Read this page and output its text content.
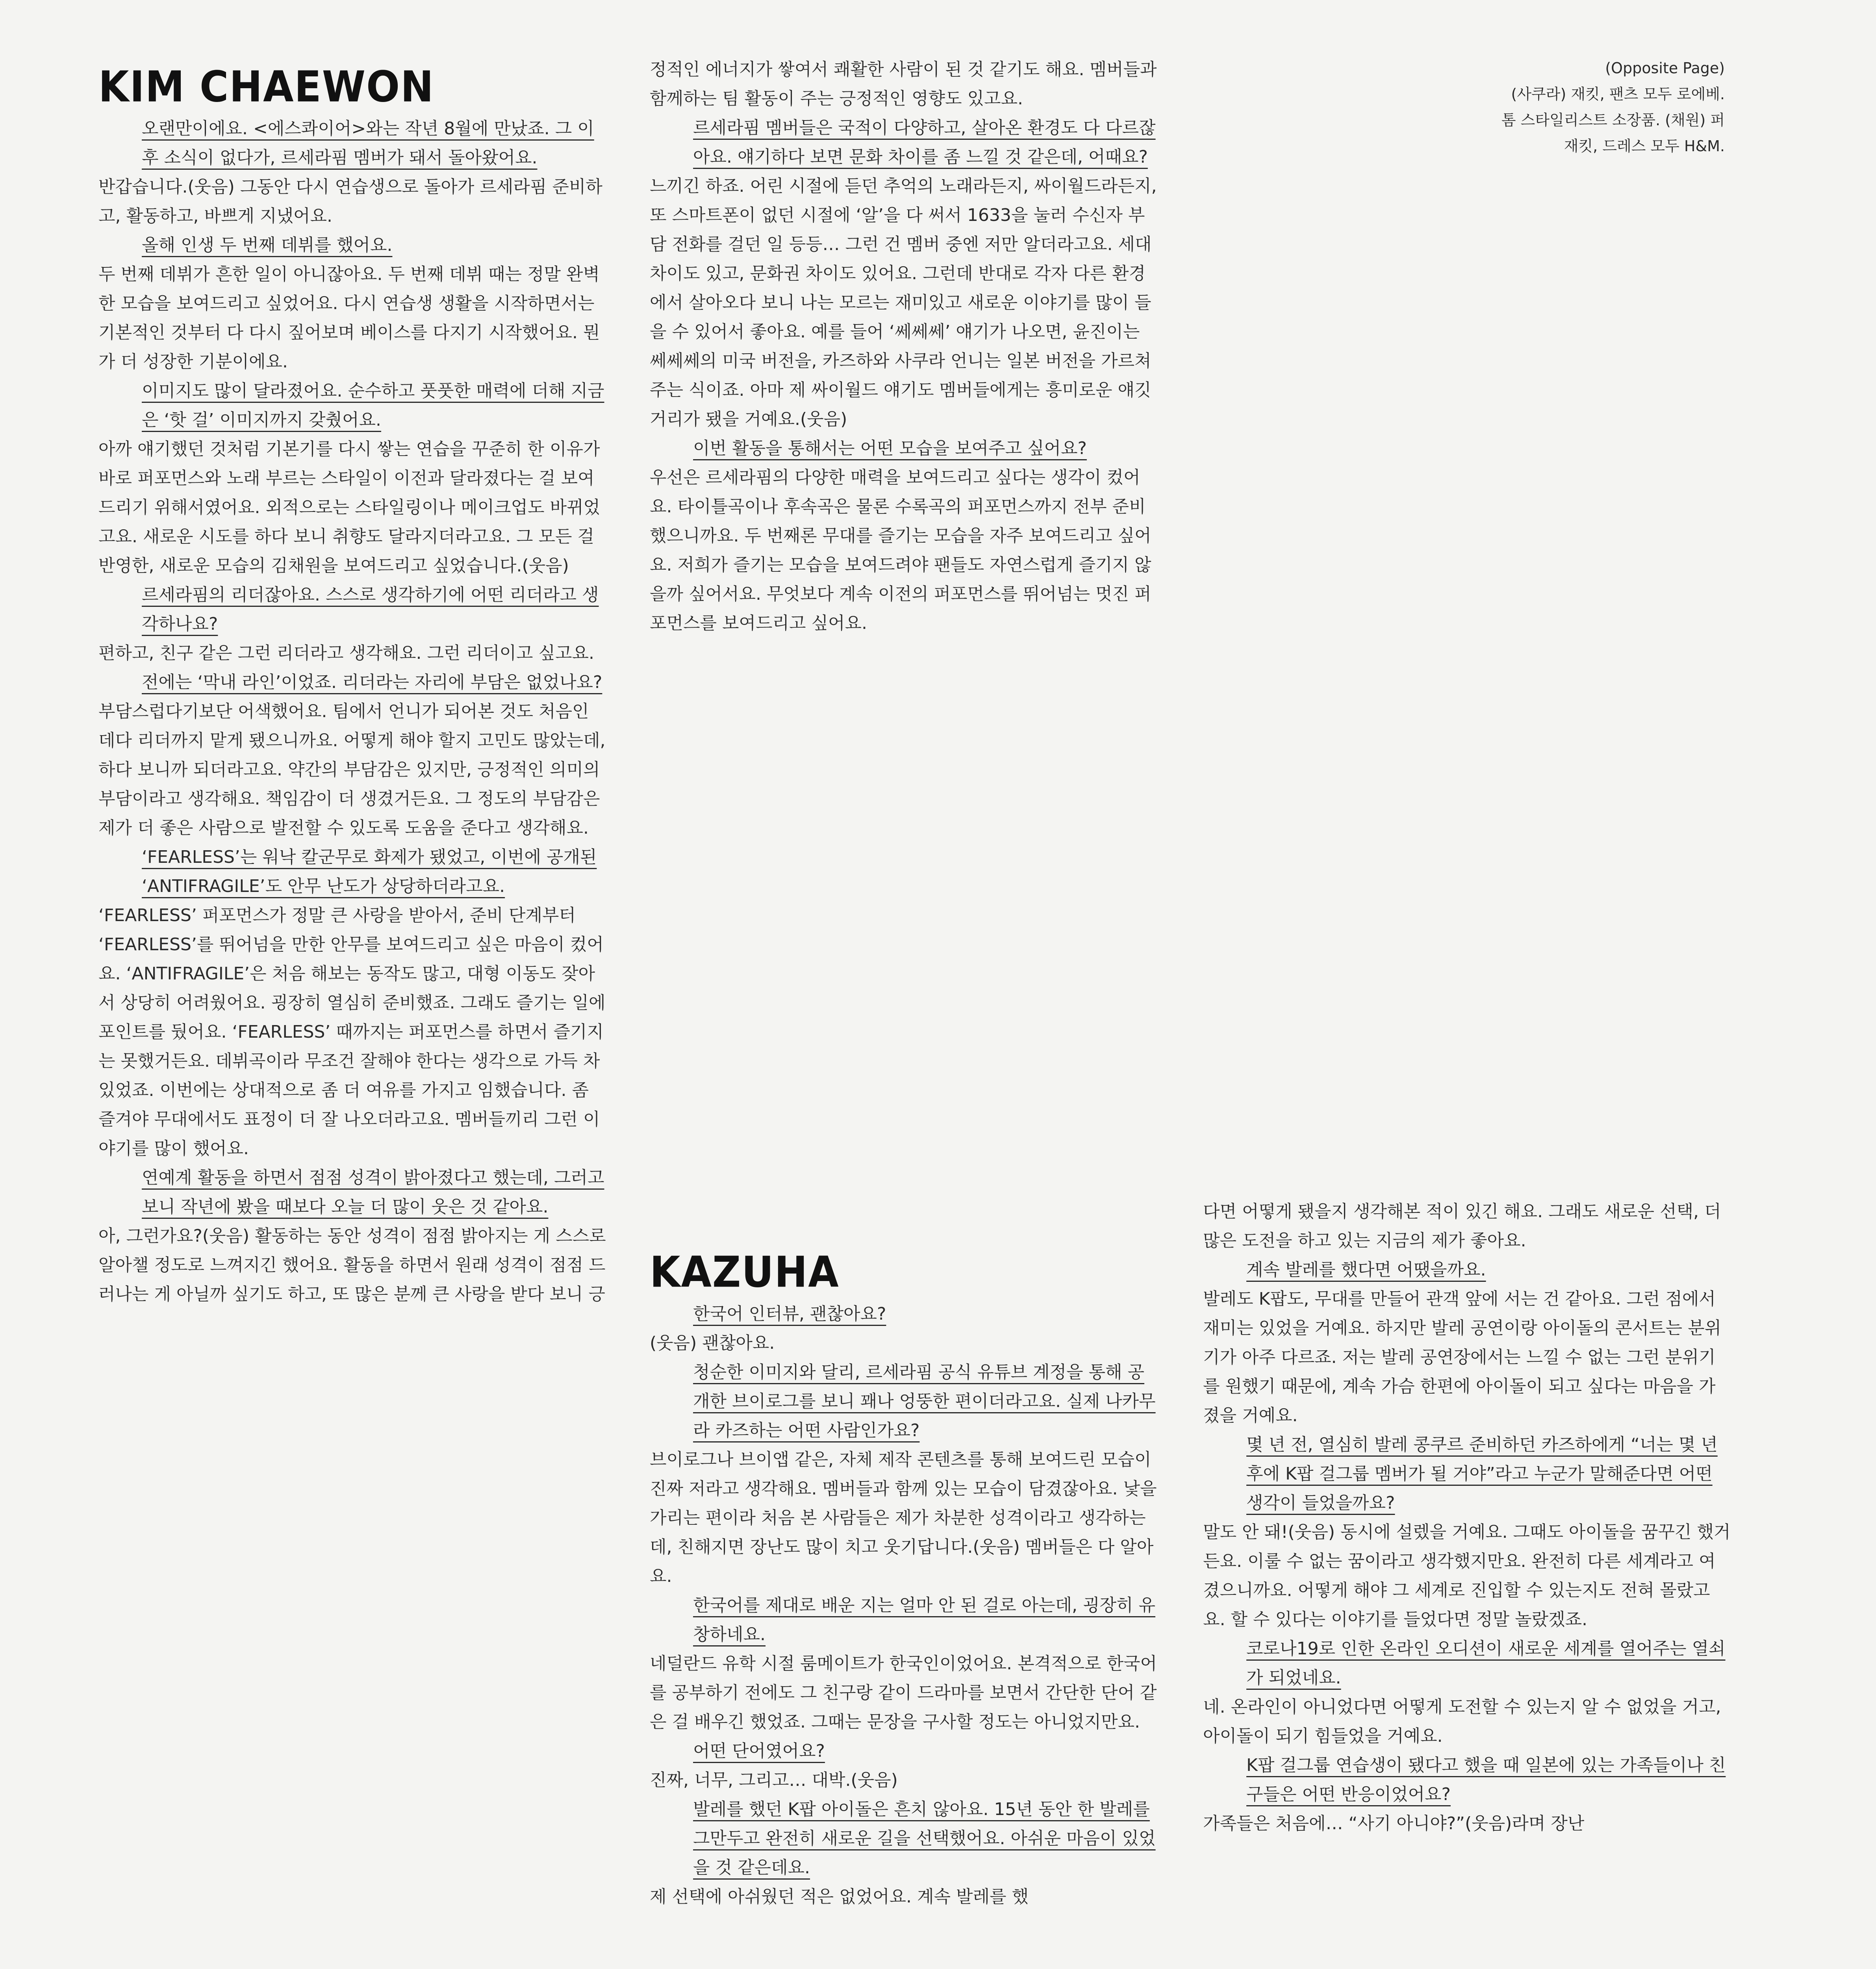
(Opposite Page)

(사쿠라) 재킷, 팬츠 모두 로에베.

톰 스타일리스트 소장품. (채원) 퍼

재킷, 드레스 모두 H&M.

KIM CHAEWON

오랜만이에요. <에스콰이어>와는 작년 8월에 만났죠. 그 이후 소식이 없다가, 르세라핌 멤버가 돼서 돌아왔어요.

반갑습니다.(웃음) 그동안 다시 연습생으로 돌아가 르세라핌 준비하고, 활동하고, 바쁘게 지냈어요.

올해 인생 두 번째 데뷔를 했어요.

두 번째 데뷔가 흔한 일이 아니잖아요. 두 번째 데뷔 때는 정말 완벽한 모습을 보여드리고 싶었어요. 다시 연습생 생활을 시작하면서는 기본적인 것부터 다 다시 짚어보며 베이스를 다지기 시작했어요. 뭔가 더 성장한 기분이에요.

이미지도 많이 달라졌어요. 순수하고 풋풋한 매력에 더해 지금은 ‘핫 걸’ 이미지까지 갖췄어요.

아까 얘기했던 것처럼 기본기를 다시 쌓는 연습을 꾸준히 한 이유가 바로 퍼포먼스와 노래 부르는 스타일이 이전과 달라졌다는 걸 보여드리기 위해서였어요. 외적으로는 스타일링이나 메이크업도 바뀌었고요. 새로운 시도를 하다 보니 취향도 달라지더라고요. 그 모든 걸 반영한, 새로운 모습의 김채원을 보여드리고 싶었습니다.(웃음)

르세라핌의 리더잖아요. 스스로 생각하기에 어떤 리더라고 생각하나요?

편하고, 친구 같은 그런 리더라고 생각해요. 그런 리더이고 싶고요.

전에는 ‘막내 라인’이었죠. 리더라는 자리에 부담은 없었나요?

부담스럽다기보단 어색했어요. 팀에서 언니가 되어본 것도 처음인 데다 리더까지 맡게 됐으니까요. 어떻게 해야 할지 고민도 많았는데, 하다 보니까 되더라고요. 약간의 부담감은 있지만, 긍정적인 의미의 부담이라고 생각해요. 책임감이 더 생겼거든요. 그 정도의 부담감은 제가 더 좋은 사람으로 발전할 수 있도록 도움을 준다고 생각해요.

‘FEARLESS’는 워낙 칼군무로 화제가 됐었고, 이번에 공개된 ‘ANTIFRAGILE’도 안무 난도가 상당하더라고요.

‘FEARLESS’ 퍼포먼스가 정말 큰 사랑을 받아서, 준비 단계부터 ‘FEARLESS’를 뛰어넘을 만한 안무를 보여드리고 싶은 마음이 컸어요. ‘ANTIFRAGILE’은 처음 해보는 동작도 많고, 대형 이동도 잦아서 상당히 어려웠어요. 굉장히 열심히 준비했죠. 그래도 즐기는 일에 포인트를 뒀어요. ‘FEARLESS’ 때까지는 퍼포먼스를 하면서 즐기지는 못했거든요. 데뷔곡이라 무조건 잘해야 한다는 생각으로 가득 차 있었죠. 이번에는 상대적으로 좀 더 여유를 가지고 임했습니다. 좀 즐겨야 무대에서도 표정이 더 잘 나오더라고요. 멤버들끼리 그런 이야기를 많이 했어요.

연예계 활동을 하면서 점점 성격이 밝아졌다고 했는데, 그러고 보니 작년에 봤을 때보다 오늘 더 많이 웃은 것 같아요.

아, 그런가요?(웃음) 활동하는 동안 성격이 점점 밝아지는 게 스스로 알아챌 정도로 느껴지긴 했어요. 활동을 하면서 원래 성격이 점점 드러나는 게 아닐까 싶기도 하고, 또 많은 분께 큰 사랑을 받다 보니 긍

정적인 에너지가 쌓여서 쾌활한 사람이 된 것 같기도 해요. 멤버들과 함께하는 팀 활동이 주는 긍정적인 영향도 있고요.

르세라핌 멤버들은 국적이 다양하고, 살아온 환경도 다 다르잖아요. 얘기하다 보면 문화 차이를 좀 느낄 것 같은데, 어때요?

느끼긴 하죠. 어린 시절에 듣던 추억의 노래라든지, 싸이월드라든지, 또 스마트폰이 없던 시절에 ‘알’을 다 써서 1633을 눌러 수신자 부담 전화를 걸던 일 등등… 그런 건 멤버 중엔 저만 알더라고요. 세대 차이도 있고, 문화권 차이도 있어요. 그런데 반대로 각자 다른 환경에서 살아오다 보니 나는 모르는 재미있고 새로운 이야기를 많이 들을 수 있어서 좋아요. 예를 들어 ‘쎄쎄쎄’ 얘기가 나오면, 윤진이는 쎄쎄쎄의 미국 버전을, 카즈하와 사쿠라 언니는 일본 버전을 가르쳐주는 식이죠. 아마 제 싸이월드 얘기도 멤버들에게는 흥미로운 얘깃거리가 됐을 거예요.(웃음)

이번 활동을 통해서는 어떤 모습을 보여주고 싶어요?

우선은 르세라핌의 다양한 매력을 보여드리고 싶다는 생각이 컸어요. 타이틀곡이나 후속곡은 물론 수록곡의 퍼포먼스까지 전부 준비했으니까요. 두 번째론 무대를 즐기는 모습을 자주 보여드리고 싶어요. 저희가 즐기는 모습을 보여드려야 팬들도 자연스럽게 즐기지 않을까 싶어서요. 무엇보다 계속 이전의 퍼포먼스를 뛰어넘는 멋진 퍼포먼스를 보여드리고 싶어요.

KAZUHA

한국어 인터뷰, 괜찮아요?

(웃음) 괜찮아요.

청순한 이미지와 달리, 르세라핌 공식 유튜브 계정을 통해 공개한 브이로그를 보니 꽤나 엉뚱한 편이더라고요. 실제 나카무라 카즈하는 어떤 사람인가요?

브이로그나 브이앱 같은, 자체 제작 콘텐츠를 통해 보여드린 모습이 진짜 저라고 생각해요. 멤버들과 함께 있는 모습이 담겼잖아요. 낯을 가리는 편이라 처음 본 사람들은 제가 차분한 성격이라고 생각하는데, 친해지면 장난도 많이 치고 웃기답니다.(웃음) 멤버들은 다 알아요.

한국어를 제대로 배운 지는 얼마 안 된 걸로 아는데, 굉장히 유창하네요.

네덜란드 유학 시절 룸메이트가 한국인이었어요. 본격적으로 한국어를 공부하기 전에도 그 친구랑 같이 드라마를 보면서 간단한 단어 같은 걸 배우긴 했었죠. 그때는 문장을 구사할 정도는 아니었지만요.

어떤 단어였어요?

진짜, 너무, 그리고… 대박.(웃음)

발레를 했던 K팝 아이돌은 흔치 않아요. 15년 동안 한 발레를 그만두고 완전히 새로운 길을 선택했어요. 아쉬운 마음이 있었을 것 같은데요.

제 선택에 아쉬웠던 적은 없었어요. 계속 발레를 했

다면 어떻게 됐을지 생각해본 적이 있긴 해요. 그래도 새로운 선택, 더 많은 도전을 하고 있는 지금의 제가 좋아요.

계속 발레를 했다면 어땠을까요.

발레도 K팝도, 무대를 만들어 관객 앞에 서는 건 같아요. 그런 점에서 재미는 있었을 거예요. 하지만 발레 공연이랑 아이돌의 콘서트는 분위기가 아주 다르죠. 저는 발레 공연장에서는 느낄 수 없는 그런 분위기를 원했기 때문에, 계속 가슴 한편에 아이돌이 되고 싶다는 마음을 가졌을 거예요.

몇 년 전, 열심히 발레 콩쿠르 준비하던 카즈하에게 “너는 몇 년 후에 K팝 걸그룹 멤버가 될 거야”라고 누군가 말해준다면 어떤 생각이 들었을까요?

말도 안 돼!(웃음) 동시에 설렜을 거예요. 그때도 아이돌을 꿈꾸긴 했거든요. 이룰 수 없는 꿈이라고 생각했지만요. 완전히 다른 세계라고 여겼으니까요. 어떻게 해야 그 세계로 진입할 수 있는지도 전혀 몰랐고요. 할 수 있다는 이야기를 들었다면 정말 놀랐겠죠.

코로나19로 인한 온라인 오디션이 새로운 세계를 열어주는 열쇠가 되었네요.

네. 온라인이 아니었다면 어떻게 도전할 수 있는지 알 수 없었을 거고, 아이돌이 되기 힘들었을 거예요.

K팝 걸그룹 연습생이 됐다고 했을 때 일본에 있는 가족들이나 친구들은 어떤 반응이었어요?

가족들은 처음에… “사기 아니야?”(웃음)라며 장난
